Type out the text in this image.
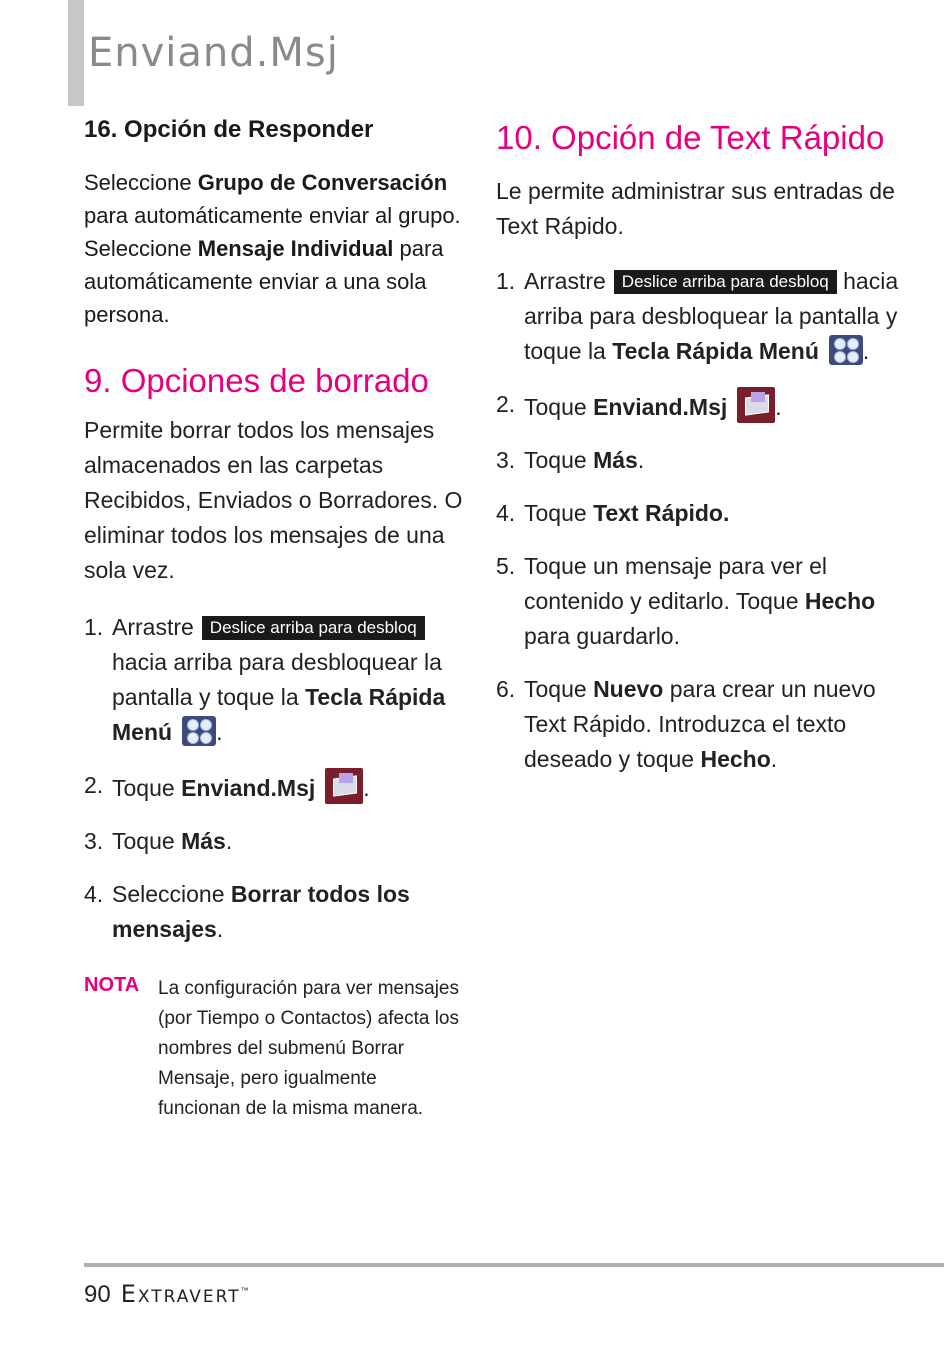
Enviand.Msj
16. Opción de Responder

Seleccione Grupo de Conversación para automáticamente enviar al grupo. Seleccione Mensaje Individual para automáticamente enviar a una sola persona.

9. Opciones de borrado

Permite borrar todos los mensajes almacenados en las carpetas Recibidos, Enviados o Borradores. O eliminar todos los mensajes de una sola vez.

1. Arrastre Deslice arriba para desbloq hacia arriba para desbloquear la pantalla y toque la Tecla Rápida Menú .
2. Toque Enviand.Msj .
3. Toque Más.
4. Seleccione Borrar todos los mensajes.
NOTA La configuración para ver mensajes (por Tiempo o Contactos) afecta los nombres del submenú Borrar Mensaje, pero igualmente funcionan de la misma manera.
10. Opción de Text Rápido

Le permite administrar sus entradas de Text Rápido.

1. Arrastre Deslice arriba para desbloq hacia arriba para desbloquear la pantalla y toque la Tecla Rápida Menú .
2. Toque Enviand.Msj .
3. Toque Más.
4. Toque Text Rápido.
5. Toque un mensaje para ver el contenido y editarlo. Toque Hecho para guardarlo.
6. Toque Nuevo para crear un nuevo Text Rápido. Introduzca el texto deseado y toque Hecho.
90 Extravert™
